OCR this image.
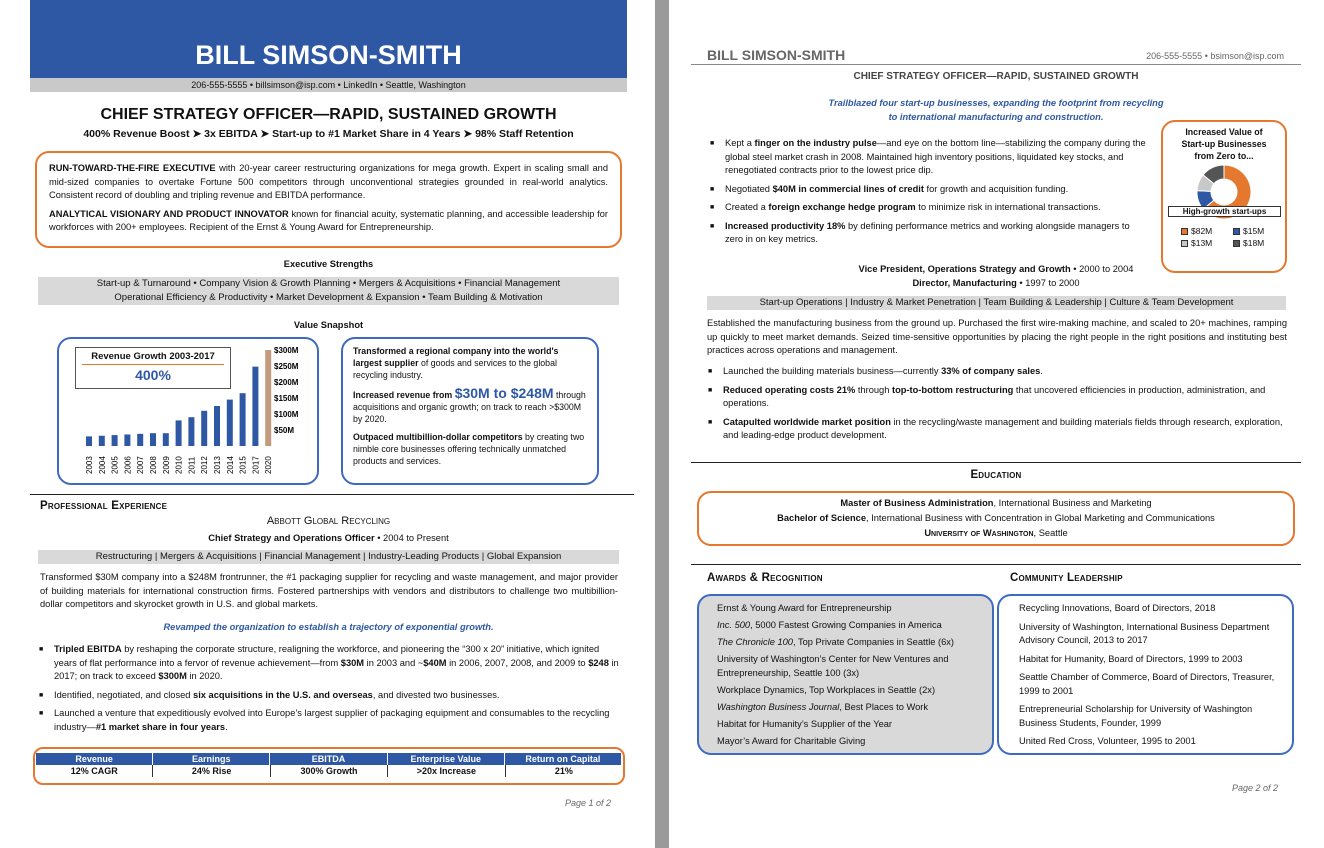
BILL SIMSON-SMITH
206-555-5555 • billsimson@isp.com • LinkedIn • Seattle, Washington
CHIEF STRATEGY OFFICER—RAPID, SUSTAINED GROWTH
400% Revenue Boost ➤ 3x EBITDA ➤ Start-up to #1 Market Share in 4 Years ➤ 98% Staff Retention

RUN-TOWARD-THE-FIRE EXECUTIVE with 20-year career restructuring organizations for mega growth. Expert in scaling small and mid-sized companies to overtake Fortune 500 competitors through unconventional strategies grounded in real-world analytics. Consistent record of doubling and tripling revenue and EBITDA performance.

ANALYTICAL VISIONARY AND PRODUCT INNOVATOR known for financial acuity, systematic planning, and accessible leadership for workforces with 200+ employees. Recipient of the Ernst & Young Award for Entrepreneurship.

Executive Strengths
Start-up & Turnaround • Company Vision & Growth Planning • Mergers & Acquisitions • Financial Management
Operational Efficiency & Productivity • Market Development & Expansion • Team Building & Motivation
Value Snapshot
Revenue Growth 2003-2017
400%
2003 2004 2005 2006 2007 2008 2009 2010 2011 2012 2013 2014 2015 2017 2020
$300M
$250M
$200M
$150M
$100M
$50M

Transformed a regional company into the world's largest supplier of goods and services to the global recycling industry.

Increased revenue from $30M to $248M through acquisitions and organic growth; on track to reach >$300M by 2020.

Outpaced multibillion-dollar competitors by creating two nimble core businesses offering technically unmatched products and services.

Professional Experience
Abbott Global Recycling
Chief Strategy and Operations Officer • 2004 to Present
Restructuring | Mergers & Acquisitions | Financial Management | Industry-Leading Products | Global Expansion
Transformed $30M company into a $248M frontrunner, the #1 packaging supplier for recycling and waste management, and major provider of building materials for international construction firms. Fostered partnerships with vendors and distributors to challenge two multibillion-dollar competitors and skyrocket growth in U.S. and global markets.
Revamped the organization to establish a trajectory of exponential growth.
■ Tripled EBITDA by reshaping the corporate structure, realigning the workforce, and pioneering the “300 x 20” initiative, which ignited years of flat performance into a fervor of revenue achievement—from $30M in 2003 and ~$40M in 2006, 2007, 2008, and 2009 to $248 in 2017; on track to exceed $300M in 2020.
■ Identified, negotiated, and closed six acquisitions in the U.S. and overseas, and divested two businesses.
■ Launched a venture that expeditiously evolved into Europe’s largest supplier of packaging equipment and consumables to the recycling industry—#1 market share in four years.
Revenue	Earnings	EBITDA	Enterprise Value	Return on Capital
12% CAGR	24% Rise	300% Growth	>20x Increase	21%
Page 1 of 2
BILL SIMSON-SMITH	206-555-5555 • bsimson@isp.com
CHIEF STRATEGY OFFICER—RAPID, SUSTAINED GROWTH
Trailblazed four start-up businesses, expanding the footprint from recycling
to international manufacturing and construction.
■ Kept a finger on the industry pulse—and eye on the bottom line—stabilizing the company during the global steel market crash in 2008. Maintained high inventory positions, liquidated key stocks, and renegotiated contracts prior to the lowest price dip.
■ Negotiated $40M in commercial lines of credit for growth and acquisition funding.
■ Created a foreign exchange hedge program to minimize risk in international transactions.
■ Increased productivity 18% by defining performance metrics and working alongside managers to zero in on key metrics.
Increased Value of Start-up Businesses from Zero to...
$82M	$15M
$13M	$18M
High-growth start-ups
Vice President, Operations Strategy and Growth • 2000 to 2004
Director, Manufacturing • 1997 to 2000
Start-up Operations | Industry & Market Penetration | Team Building & Leadership | Culture & Team Development
Established the manufacturing business from the ground up. Purchased the first wire-making machine, and scaled to 20+ machines, ramping up quickly to meet market demands. Seized time-sensitive opportunities by placing the right people in the right positions and instituting best practices across operations and management.
■ Launched the building materials business—currently 33% of company sales.
■ Reduced operating costs 21% through top-to-bottom restructuring that uncovered efficiencies in production, administration, and operations.
■ Catapulted worldwide market position in the recycling/waste management and building materials fields through research, exploration, and leading-edge product development.
Education
Master of Business Administration, International Business and Marketing
Bachelor of Science, International Business with Concentration in Global Marketing and Communications
University of Washington, Seattle
Awards & Recognition	Community Leadership
Ernst & Young Award for Entrepreneurship
Inc. 500, 5000 Fastest Growing Companies in America
The Chronicle 100, Top Private Companies in Seattle (6x)
University of Washington’s Center for New Ventures and Entrepreneurship, Seattle 100 (3x)
Workplace Dynamics, Top Workplaces in Seattle (2x)
Washington Business Journal, Best Places to Work
Habitat for Humanity’s Supplier of the Year
Mayor’s Award for Charitable Giving
Recycling Innovations, Board of Directors, 2018
University of Washington, International Business Department Advisory Council, 2013 to 2017
Habitat for Humanity, Board of Directors, 1999 to 2003
Seattle Chamber of Commerce, Board of Directors, Treasurer, 1999 to 2001
Entrepreneurial Scholarship for University of Washington Business Students, Founder, 1999
United Red Cross, Volunteer, 1995 to 2001
Page 2 of 2
